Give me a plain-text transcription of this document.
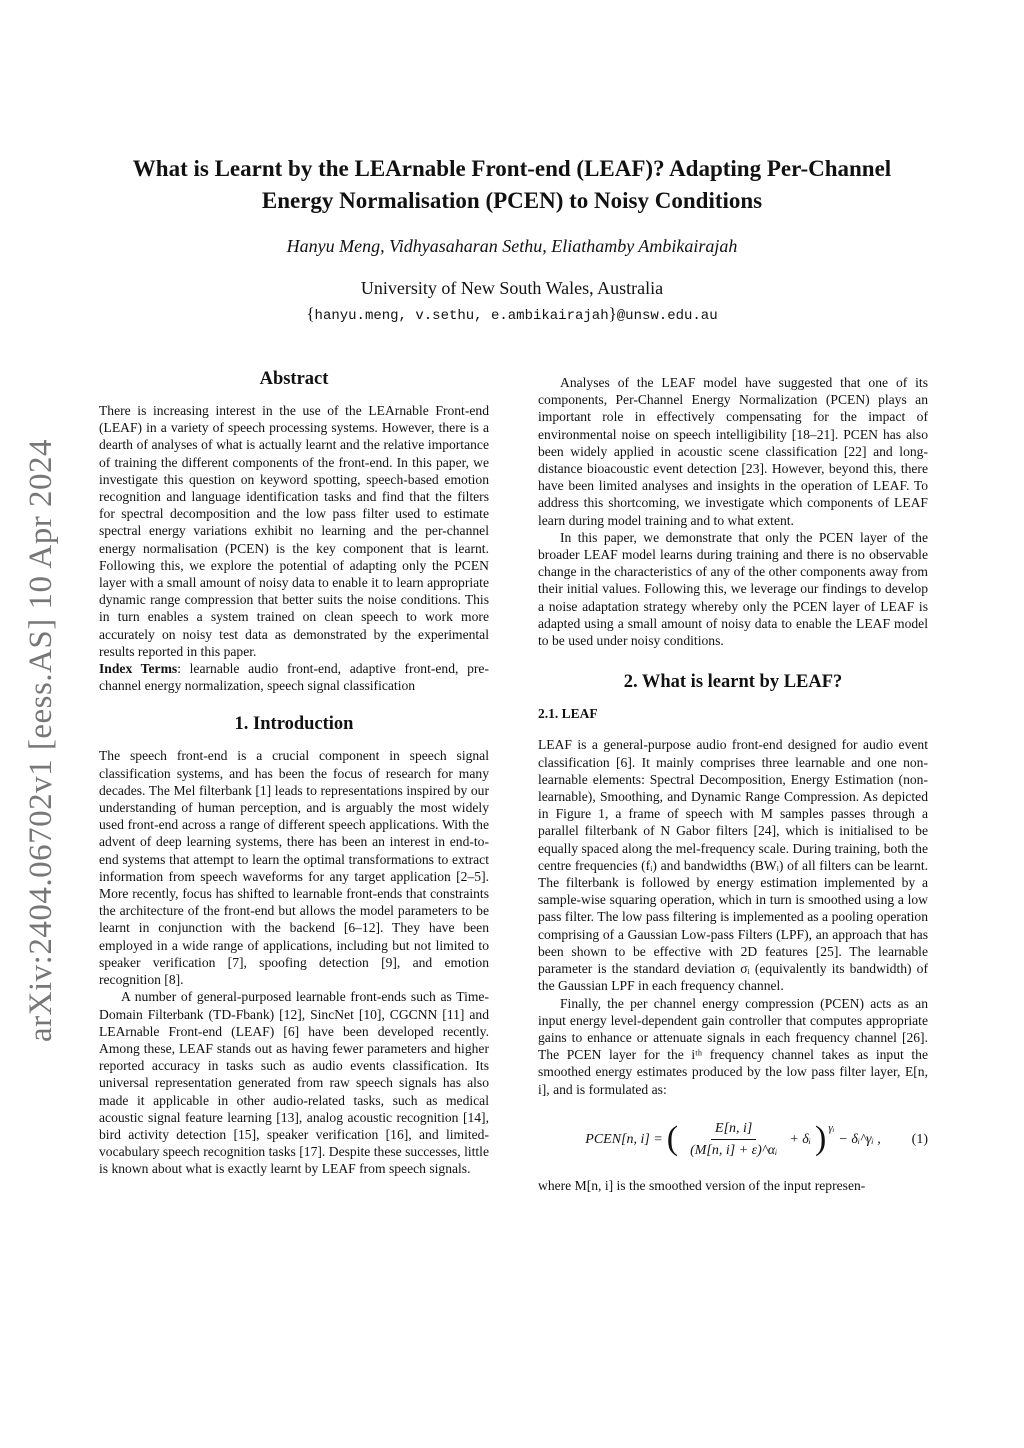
arXiv:2404.06702v1 [eess.AS] 10 Apr 2024
What is Learnt by the LEArnable Front-end (LEAF)? Adapting Per-Channel
Energy Normalisation (PCEN) to Noisy Conditions
Hanyu Meng, Vidhyasaharan Sethu, Eliathamby Ambikairajah
University of New South Wales, Australia
{hanyu.meng, v.sethu, e.ambikairajah}@unsw.edu.au
Abstract

There is increasing interest in the use of the LEArnable Front-end (LEAF) in a variety of speech processing systems. However, there is a dearth of analyses of what is actually learnt and the relative importance of training the different components of the front-end. In this paper, we investigate this question on keyword spotting, speech-based emotion recognition and language identification tasks and find that the filters for spectral decomposition and the low pass filter used to estimate spectral energy variations exhibit no learning and the per-channel energy normalisation (PCEN) is the key component that is learnt. Following this, we explore the potential of adapting only the PCEN layer with a small amount of noisy data to enable it to learn appropriate dynamic range compression that better suits the noise conditions. This in turn enables a system trained on clean speech to work more accurately on noisy test data as demonstrated by the experimental results reported in this paper.

Index Terms: learnable audio front-end, adaptive front-end, pre-channel energy normalization, speech signal classification

1. Introduction

The speech front-end is a crucial component in speech signal classification systems, and has been the focus of research for many decades. The Mel filterbank [1] leads to representations inspired by our understanding of human perception, and is arguably the most widely used front-end across a range of different speech applications. With the advent of deep learning systems, there has been an interest in end-to-end systems that attempt to learn the optimal transformations to extract information from speech waveforms for any target application [2–5]. More recently, focus has shifted to learnable front-ends that constraints the architecture of the front-end but allows the model parameters to be learnt in conjunction with the backend [6–12]. They have been employed in a wide range of applications, including but not limited to speaker verification [7], spoofing detection [9], and emotion recognition [8].

A number of general-purposed learnable front-ends such as Time-Domain Filterbank (TD-Fbank) [12], SincNet [10], CGCNN [11] and LEArnable Front-end (LEAF) [6] have been developed recently. Among these, LEAF stands out as having fewer parameters and higher reported accuracy in tasks such as audio events classification. Its universal representation generated from raw speech signals has also made it applicable in other audio-related tasks, such as medical acoustic signal feature learning [13], analog acoustic recognition [14], bird activity detection [15], speaker verification [16], and limited-vocabulary speech recognition tasks [17]. Despite these successes, little is known about what is exactly learnt by LEAF from speech signals.

Analyses of the LEAF model have suggested that one of its components, Per-Channel Energy Normalization (PCEN) plays an important role in effectively compensating for the impact of environmental noise on speech intelligibility [18–21]. PCEN has also been widely applied in acoustic scene classification [22] and long-distance bioacoustic event detection [23]. However, beyond this, there have been limited analyses and insights in the operation of LEAF. To address this shortcoming, we investigate which components of LEAF learn during model training and to what extent.

In this paper, we demonstrate that only the PCEN layer of the broader LEAF model learns during training and there is no observable change in the characteristics of any of the other components away from their initial values. Following this, we leverage our findings to develop a noise adaptation strategy whereby only the PCEN layer of LEAF is adapted using a small amount of noisy data to enable the LEAF model to be used under noisy conditions.

2. What is learnt by LEAF?
2.1. LEAF

LEAF is a general-purpose audio front-end designed for audio event classification [6]. It mainly comprises three learnable and one non-learnable elements: Spectral Decomposition, Energy Estimation (non-learnable), Smoothing, and Dynamic Range Compression. As depicted in Figure 1, a frame of speech with M samples passes through a parallel filterbank of N Gabor filters [24], which is initialised to be equally spaced along the mel-frequency scale. During training, both the centre frequencies (fᵢ) and bandwidths (BWᵢ) of all filters can be learnt. The filterbank is followed by energy estimation implemented by a sample-wise squaring operation, which in turn is smoothed using a low pass filter. The low pass filtering is implemented as a pooling operation comprising of a Gaussian Low-pass Filters (LPF), an approach that has been shown to be effective with 2D features [25]. The learnable parameter is the standard deviation σᵢ (equivalently its bandwidth) of the Gaussian LPF in each frequency channel.

Finally, the per channel energy compression (PCEN) acts as an input energy level-dependent gain controller that computes appropriate gains to enhance or attenuate signals in each frequency channel [26]. The PCEN layer for the iᵗʰ frequency channel takes as input the smoothed energy estimates produced by the low pass filter layer, E[n, i], and is formulated as:

PCEN[n, i] = ( $\frac{E[n, i]}{\text{(M[n, i] + ε)\textasciicircum{}αᵢ}}$ + δᵢ )$^{\gamma ᵢ}$
− δᵢ^γᵢ , (1)

where M[n, i] is the smoothed version of the input represen-
